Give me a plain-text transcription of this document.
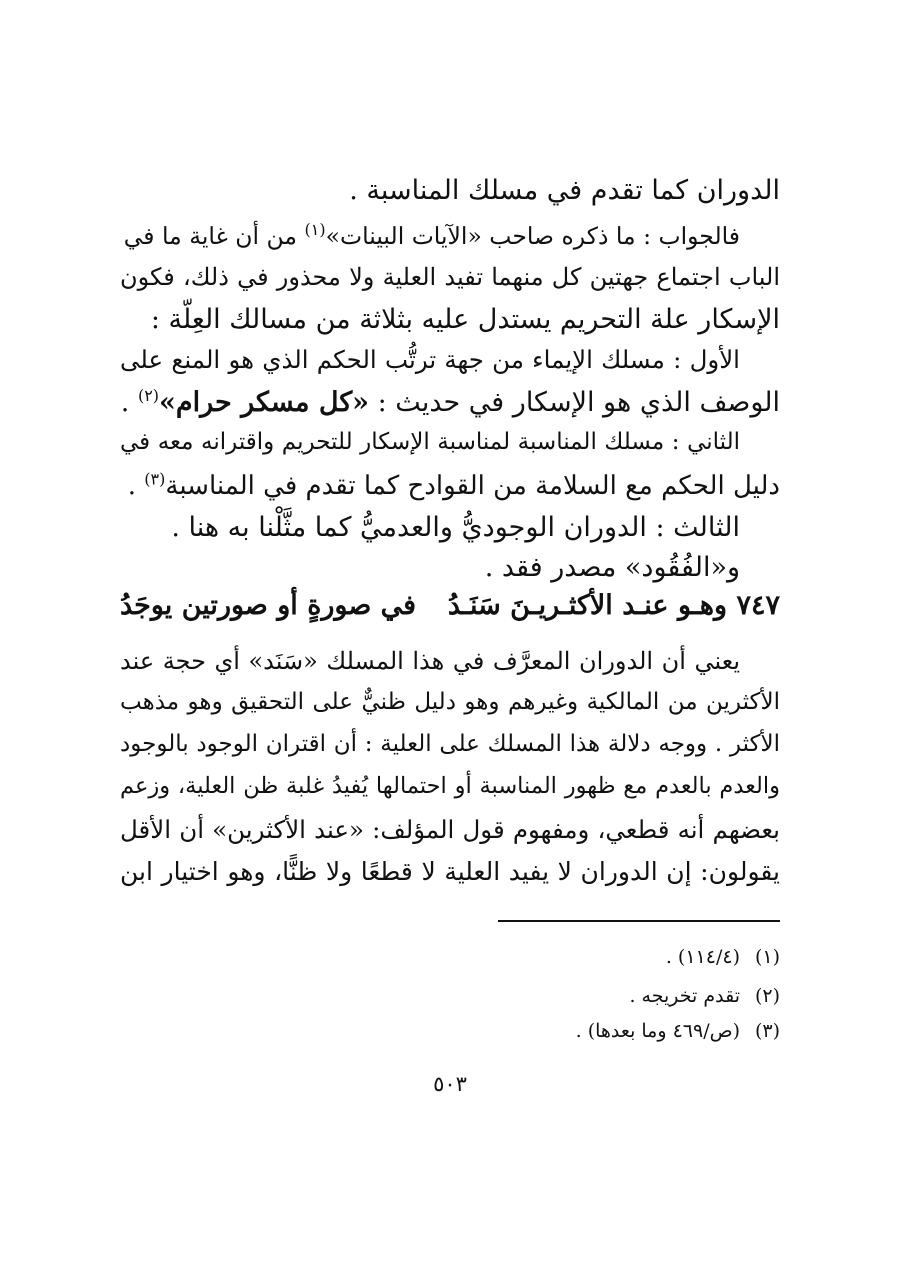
الدوران كما تقدم في مسلك المناسبة .
فالجواب : ما ذكره صاحب «الآيات البينات»$^{(١)}$ من أن غاية ما في
الباب اجتماع جهتين كل منهما تفيد العلية ولا محذور في ذلك، فكون
الإسكار علة التحريم يستدل عليه بثلاثة من مسالك العِلّة :
الأول : مسلك الإيماء من جهة ترتُّب الحكم الذي هو المنع على
الوصف الذي هو الإسكار في حديث : «كل مسكر حرام»$^{(٢)}$ .
الثاني : مسلك المناسبة لمناسبة الإسكار للتحريم واقترانه معه في
دليل الحكم مع السلامة من القوادح كما تقدم في المناسبة$^{(٣)}$ .
الثالث : الدوران الوجوديُّ والعدميُّ كما مثَّلْنا به هنا .
و«الفُقُود» مصدر فقد .
٧٤٧ وهـو عنـد الأكثـريـنَ سَنَـدُ
في صورةٍ أو صورتين يوجَدُ
يعني أن الدوران المعرَّف في هذا المسلك «سَنَد» أي حجة عند
الأكثرين من المالكية وغيرهم وهو دليل ظنيٌّ على التحقيق وهو مذهب
الأكثر . ووجه دلالة هذا المسلك على العلية : أن اقتران الوجود بالوجود
والعدم بالعدم مع ظهور المناسبة أو احتمالها يُفيدُ غلبة ظن العلية، وزعم
بعضهم أنه قطعي، ومفهوم قول المؤلف: «عند الأكثرين» أن الأقل
يقولون: إن الدوران لا يفيد العلية لا قطعًا ولا ظنًّا، وهو اختيار ابن
(١)(١١٤/٤) .
(٢)تقدم تخريجه .
(٣)(ص/٤٦٩ وما بعدها) .
٥٠٣
